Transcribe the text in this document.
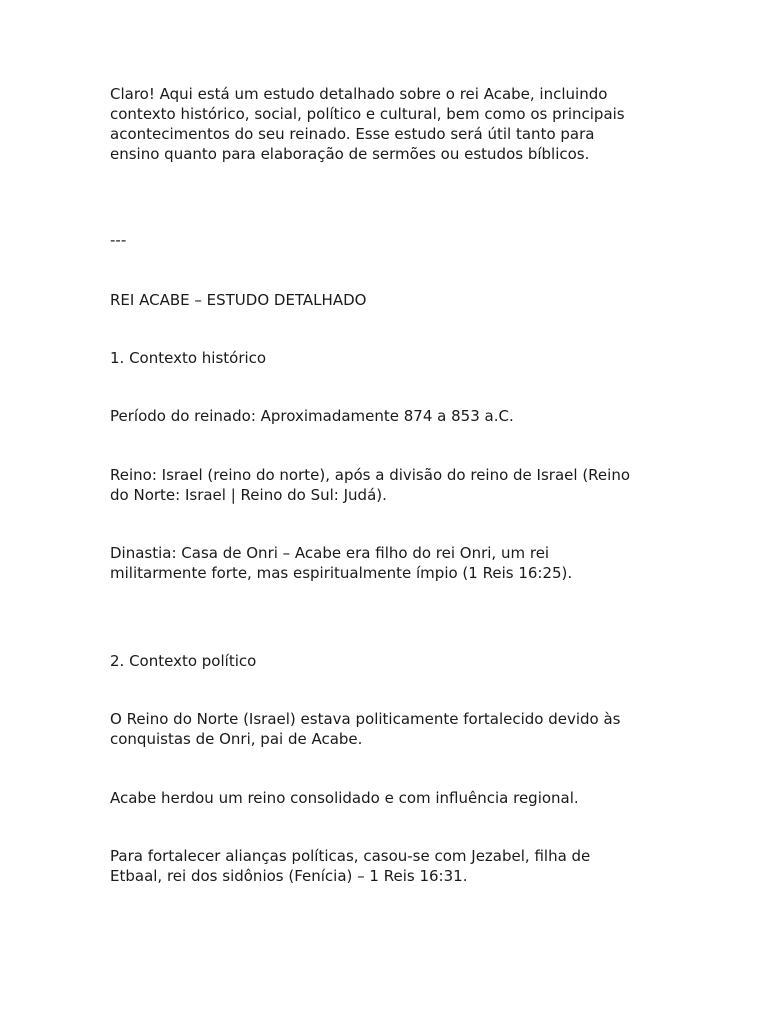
Claro! Aqui está um estudo detalhado sobre o rei Acabe, incluindo
contexto histórico, social, político e cultural, bem como os principais
acontecimentos do seu reinado. Esse estudo será útil tanto para
ensino quanto para elaboração de sermões ou estudos bíblicos.

---

REI ACABE – ESTUDO DETALHADO

1. Contexto histórico

Período do reinado: Aproximadamente 874 a 853 a.C.

Reino: Israel (reino do norte), após a divisão do reino de Israel (Reino
do Norte: Israel | Reino do Sul: Judá).

Dinastia: Casa de Onri – Acabe era filho do rei Onri, um rei
militarmente forte, mas espiritualmente ímpio (1 Reis 16:25).

2. Contexto político

O Reino do Norte (Israel) estava politicamente fortalecido devido às
conquistas de Onri, pai de Acabe.

Acabe herdou um reino consolidado e com influência regional.

Para fortalecer alianças políticas, casou-se com Jezabel, filha de
Etbaal, rei dos sidônios (Fenícia) – 1 Reis 16:31.
